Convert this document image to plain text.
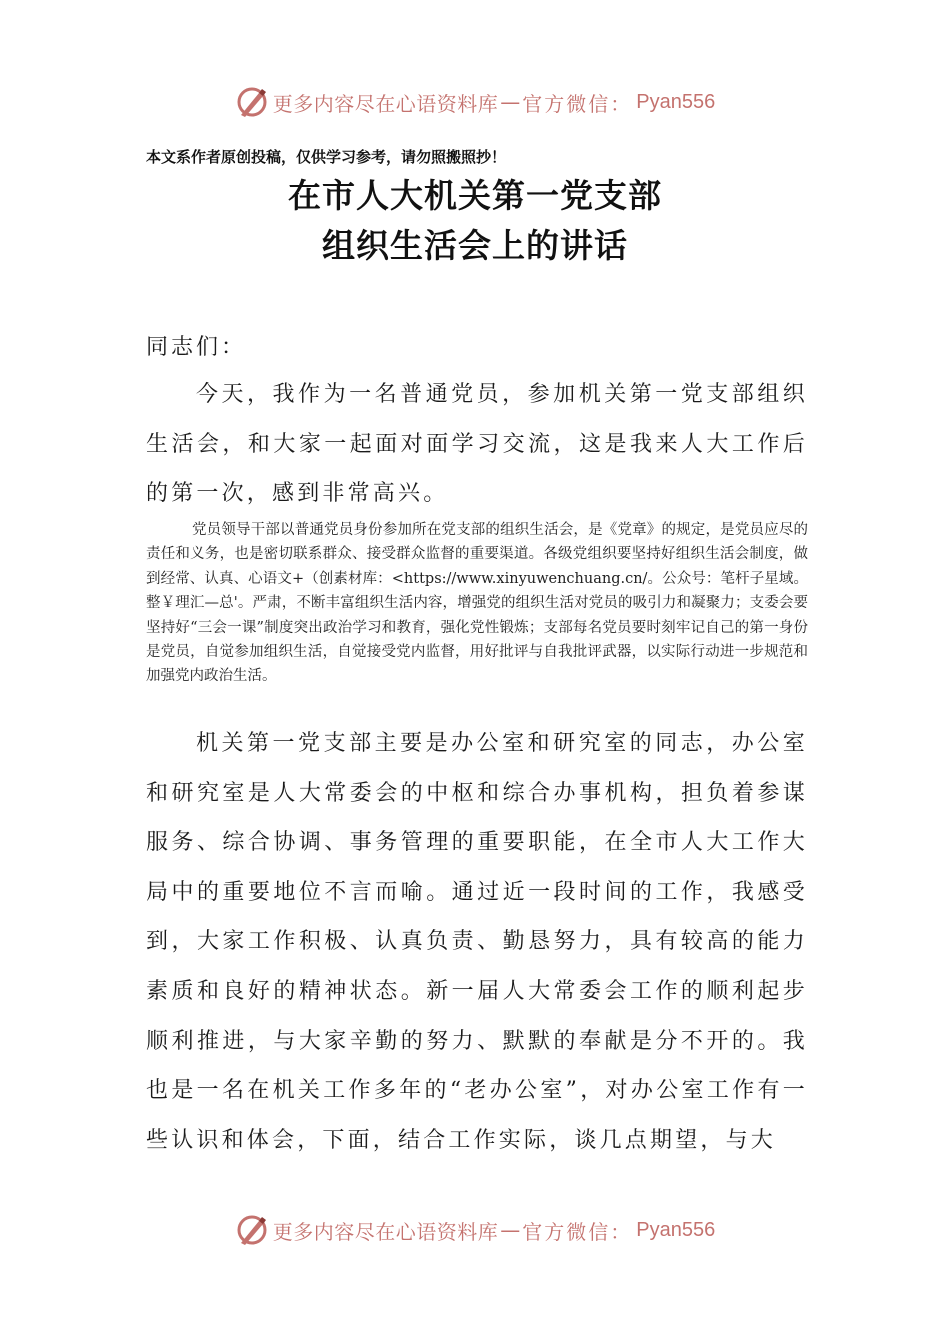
更多内容尽在心语资料库 — 官方微信： Pyan556
本文系作者原创投稿，仅供学习参考，请勿照搬照抄！
在市人大机关第一党支部
组织生活会上的讲话
同志们：
今天，我作为一名普通党员，参加机关第一党支部组织生活会，和大家一起面对面学习交流，这是我来人大工作后的第一次，感到非常高兴。
党员领导干部以普通党员身份参加所在党支部的组织生活会，是《党章》的规定，是党员应尽的责任和义务，也是密切联系群众、接受群众监督的重要渠道。各级党组织要坚持好组织生活会制度，做到经常、认真、心语文+（创素材库：<https://www.xinyuwenchuang.cn/。公众号：笔杆子星域。整￥理汇—总'。严肃，不断丰富组织生活内容，增强党的组织生活对党员的吸引力和凝聚力；支委会要坚持好“三会一课”制度突出政治学习和教育，强化党性锻炼；支部每名党员要时刻牢记自己的第一身份是党员，自觉参加组织生活，自觉接受党内监督，用好批评与自我批评武器，以实际行动进一步规范和加强党内政治生活。
机关第一党支部主要是办公室和研究室的同志，办公室和研究室是人大常委会的中枢和综合办事机构，担负着参谋服务、综合协调、事务管理的重要职能，在全市人大工作大局中的重要地位不言而喻。通过近一段时间的工作，我感受到，大家工作积极、认真负责、勤恳努力，具有较高的能力素质和良好的精神状态。新一届人大常委会工作的顺利起步顺利推进，与大家辛勤的努力、默默的奉献是分不开的。我也是一名在机关工作多年的“老办公室”，对办公室工作有一些认识和体会，下面，结合工作实际，谈几点期望，与大
更多内容尽在心语资料库 — 官方微信： Pyan556
